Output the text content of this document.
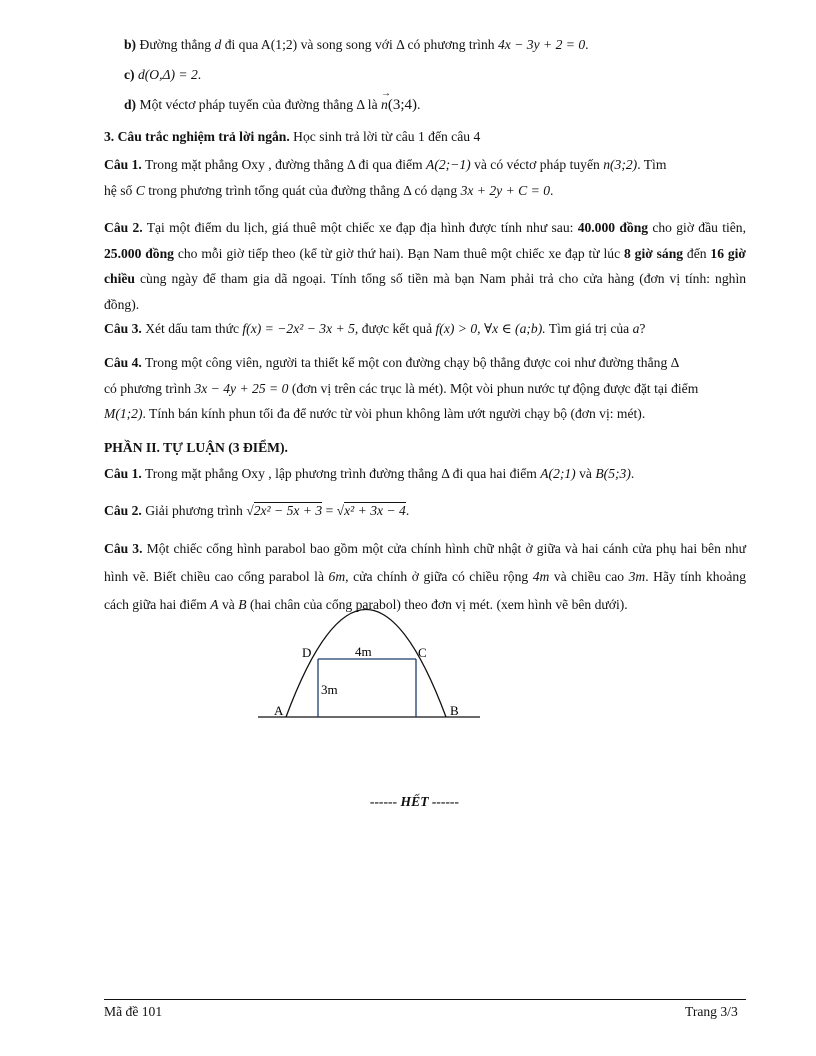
b) Đường thẳng d đi qua A(1;2) và song song với Δ có phương trình 4x − 3y + 2 = 0.
c) d(O,Δ) = 2.
d) Một véctơ pháp tuyến của đường thẳng Δ là
→
n(3;4).
3. Câu trắc nghiệm trả lời ngắn. Học sinh trả lời từ câu 1 đến câu 4
Câu 1. Trong mặt phẳng Oxy , đường thẳng Δ đi qua điểm A(2;−1) và có véctơ pháp tuyến n(3;2). Tìm
hệ số C trong phương trình tổng quát của đường thẳng Δ có dạng 3x + 2y + C = 0.
Câu 2. Tại một điểm du lịch, giá thuê một chiếc xe đạp địa hình được tính như sau: 40.000 đồng cho giờ đầu tiên, 25.000 đồng cho mỗi giờ tiếp theo (kể từ giờ thứ hai). Bạn Nam thuê một chiếc xe đạp từ lúc 8 giờ sáng đến 16 giờ chiều cùng ngày để tham gia dã ngoại. Tính tổng số tiền mà bạn Nam phải trả cho cửa hàng (đơn vị tính: nghìn đồng).
Câu 3. Xét dấu tam thức f(x) = −2x² − 3x + 5, được kết quả f(x) > 0, ∀x ∈ (a;b). Tìm giá trị của a?
Câu 4. Trong một công viên, người ta thiết kế một con đường chạy bộ thẳng được coi như đường thẳng Δ
có phương trình 3x − 4y + 25 = 0 (đơn vị trên các trục là mét). Một vòi phun nước tự động được đặt tại điểm
M(1;2). Tính bán kính phun tối đa để nước từ vòi phun không làm ướt người chạy bộ (đơn vị: mét).
PHẦN II. TỰ LUẬN (3 ĐIỂM).
Câu 1. Trong mặt phẳng Oxy , lập phương trình đường thẳng Δ đi qua hai điểm A(2;1) và B(5;3).
Câu 2. Giải phương trình √2x² − 5x + 3 = √x² + 3x − 4.
Câu 3. Một chiếc cổng hình parabol bao gồm một cửa chính hình chữ nhật ở giữa và hai cánh cửa phụ hai bên như hình vẽ. Biết chiều cao cổng parabol là 6m, cửa chính ở giữa có chiều rộng 4m và chiều cao 3m. Hãy tính khoảng cách giữa hai điểm A và B (hai chân của cổng parabol) theo đơn vị mét. (xem hình vẽ bên dưới).
D	C
A	B
4m
3m
------ HẾT ------
Mã đề 101	Trang 3/3
